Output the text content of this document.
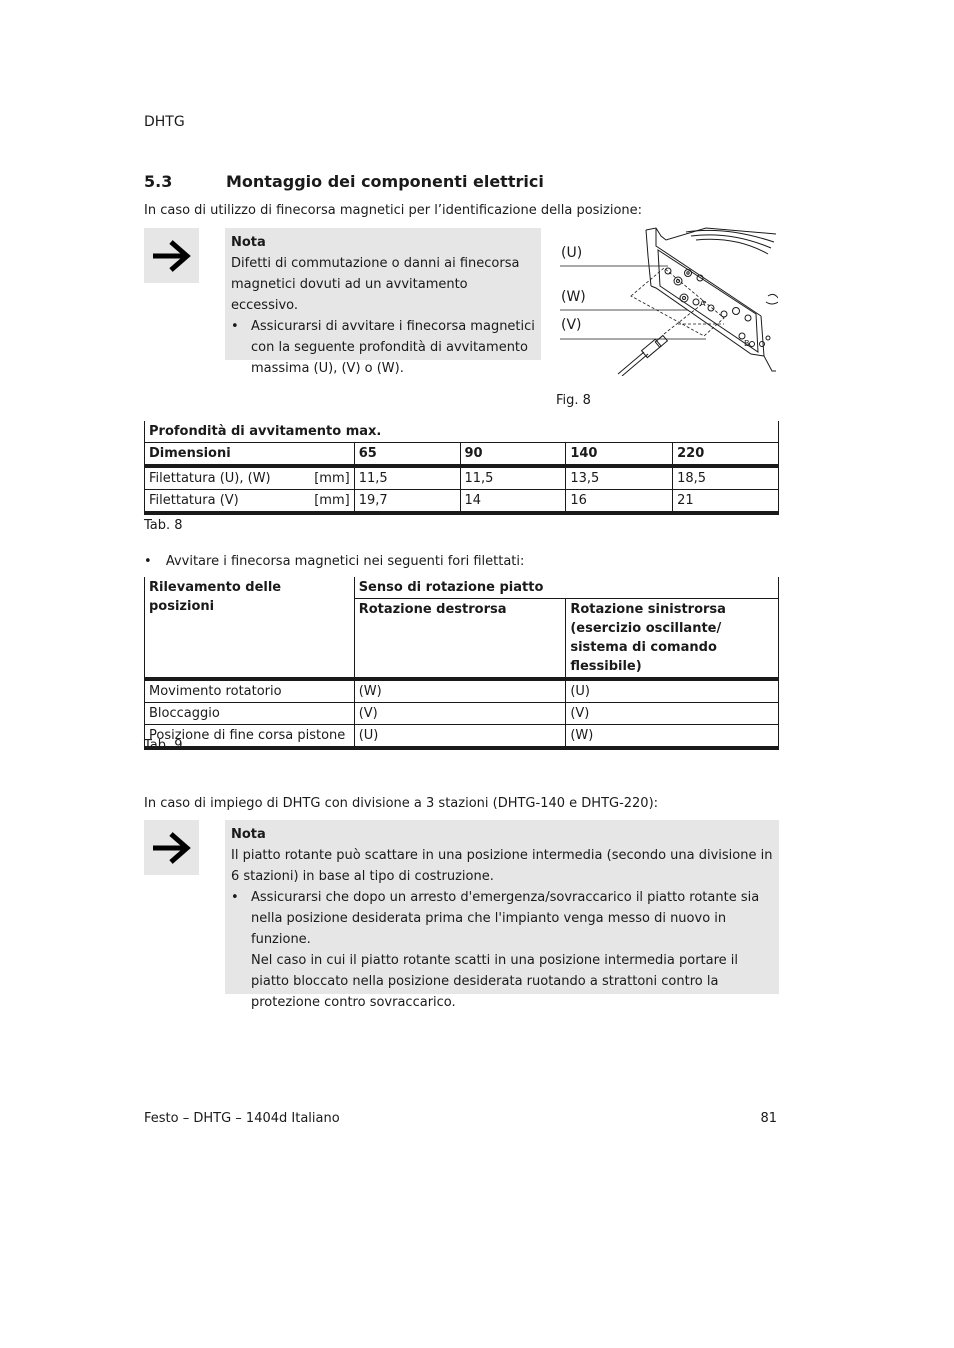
DHTG
5.3	Montaggio dei componenti elettrici
In caso di utilizzo di finecorsa magnetici per l’identificazione della posizione:
Nota
Difetti di commutazione o danni ai finecorsa magnetici dovuti ad un avvitamento eccessivo.
• Assicurarsi di avvitare i finecorsa magnetici con la seguente profondità di avvitamento massima (U), (V) o (W).
A
B
(U)
(W)
(V)
Fig. 8
Profondità di avvitamento max.				
Dimensioni	65	90	140	220
Filettatura (U), (W) [mm]	11,5	11,5	13,5	18,5
Filettatura (V) [mm]	19,7	14	16	21
Tab. 8
• Avvitare i finecorsa magnetici nei seguenti fori filettati:
Rilevamento delle posizioni	Senso di rotazione piatto	
	Rotazione destrorsa	Rotazione sinistrorsa
(esercizio oscillante/
sistema di comando flessibile)

Movimento rotatorio	(W)	(U)
Bloccaggio	(V)	(V)
Posizione di fine corsa pistone	(U)	(W)
Tab. 9
In caso di impiego di DHTG con divisione a 3 stazioni (DHTG-140 e DHTG-220):
Nota
Il piatto rotante può scattare in una posizione intermedia (secondo una divisione in 6 stazioni) in base al tipo di costruzione.
• Assicurarsi che dopo un arresto d'emergenza/sovraccarico il piatto rotante sia nella posizione desiderata prima che l'impianto venga messo di nuovo in funzione.
Nel caso in cui il piatto rotante scatti in una posizione intermedia portare il piatto bloccato nella posizione desiderata ruotando a strattoni contro la protezione contro sovraccarico.
Festo – DHTG – 1404d Italiano	81
